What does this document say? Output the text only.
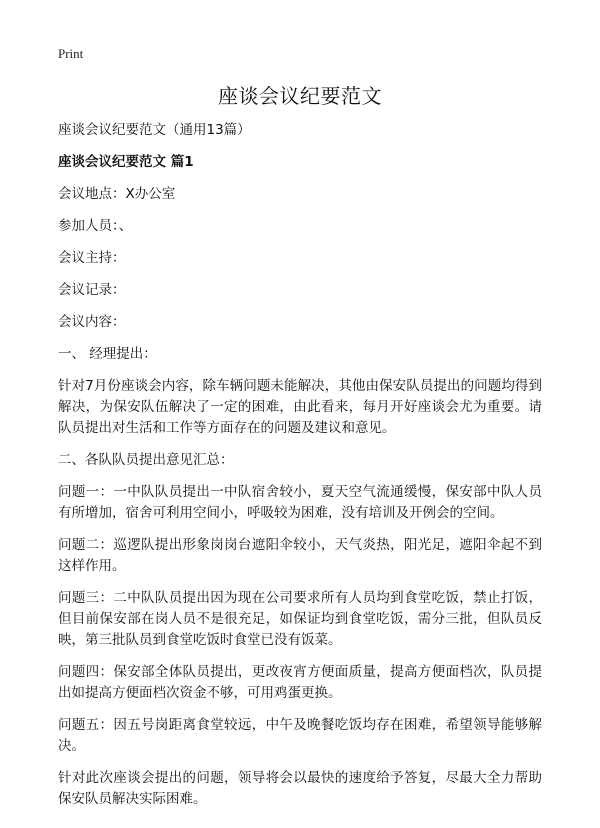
Print
座谈会议纪要范文

座谈会议纪要范文（通用13篇）

座谈会议纪要范文 篇1

会议地点：X办公室

参加人员：、

会议主持：

会议记录：

会议内容：

一、 经理提出：

针对7月份座谈会内容，除车辆问题未能解决，其他由保安队员提出的问题均得到解决，为保安队伍解决了一定的困难，由此看来，每月开好座谈会尤为重要。请队员提出对生活和工作等方面存在的问题及建议和意见。

二、各队队员提出意见汇总：

问题一：一中队队员提出一中队宿舍较小，夏天空气流通缓慢，保安部中队人员有所增加，宿舍可利用空间小，呼吸较为困难，没有培训及开例会的空间。

问题二：巡逻队提出形象岗岗台遮阳伞较小，天气炎热，阳光足，遮阳伞起不到这样作用。

问题三：二中队队员提出因为现在公司要求所有人员均到食堂吃饭，禁止打饭，但目前保安部在岗人员不是很充足，如保证均到食堂吃饭，需分三批，但队员反映，第三批队员到食堂吃饭时食堂已没有饭菜。

问题四：保安部全体队员提出，更改夜宵方便面质量，提高方便面档次，队员提出如提高方便面档次资金不够，可用鸡蛋更换。

问题五：因五号岗距离食堂较远，中午及晚餐吃饭均存在困难，希望领导能够解决。

针对此次座谈会提出的问题，领导将会以最快的速度给予答复，尽最大全力帮助保安队员解决实际困难。
